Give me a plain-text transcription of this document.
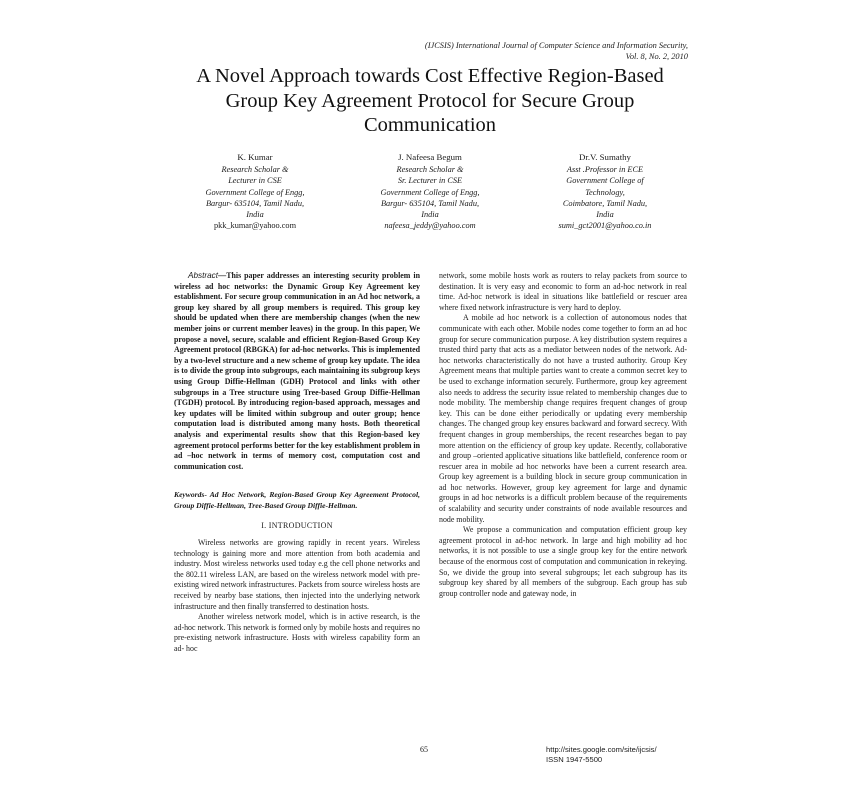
(IJCSIS) International Journal of Computer Science and Information Security,
Vol. 8, No. 2, 2010
A Novel Approach towards Cost Effective Region-Based Group Key Agreement Protocol for Secure Group Communication
K. Kumar
Research Scholar &
Lecturer in CSE
Government College of Engg,
Bargur- 635104, Tamil Nadu,
India
pkk_kumar@yahoo.com
J. Nafeesa Begum
Research Scholar &
Sr. Lecturer in CSE
Government College of Engg,
Bargur- 635104, Tamil Nadu,
India
nafeesa_jeddy@yahoo.com
Dr.V. Sumathy
Asst .Professor in ECE
Government College of
Technology,
Coimbatore, Tamil Nadu,
India
sumi_gct2001@yahoo.co.in

Abstract—This paper addresses an interesting security problem in wireless ad hoc networks: the Dynamic Group Key Agreement key establishment. For secure group communication in an Ad hoc network, a group key shared by all group members is required. This group key should be updated when there are membership changes (when the new member joins or current member leaves) in the group. In this paper, We propose a novel, secure, scalable and efficient Region-Based Group Key Agreement protocol (RBGKA) for ad-hoc networks. This is implemented by a two-level structure and a new scheme of group key update. The idea is to divide the group into subgroups, each maintaining its subgroup keys using Group Diffie-Hellman (GDH) Protocol and links with other subgroups in a Tree structure using Tree-based Group Diffie-Hellman (TGDH) protocol. By introducing region-based approach, messages and key updates will be limited within subgroup and outer group; hence computation load is distributed among many hosts. Both theoretical analysis and experimental results show that this Region-based key agreement protocol performs better for the key establishment problem in ad –hoc network in terms of memory cost, computation cost and communication cost.

Keywords- Ad Hoc Network, Region-Based Group Key Agreement Protocol, Group Diffie-Hellman, Tree-Based Group Diffie-Hellman.

I. INTRODUCTION

Wireless networks are growing rapidly in recent years. Wireless technology is gaining more and more attention from both academia and industry. Most wireless networks used today e.g the cell phone networks and the 802.11 wireless LAN, are based on the wireless network model with pre-existing wired network infrastructures. Packets from source wireless hosts are received by nearby base stations, then injected into the underlying network infrastructure and then finally transferred to destination hosts.

Another wireless network model, which is in active research, is the ad-hoc network. This network is formed only by mobile hosts and requires no pre-existing network infrastructure. Hosts with wireless capability form an ad- hoc

network, some mobile hosts work as routers to relay packets from source to destination. It is very easy and economic to form an ad-hoc network in real time. Ad-hoc network is ideal in situations like battlefield or rescuer area where fixed network infrastructure is very hard to deploy.

A mobile ad hoc network is a collection of autonomous nodes that communicate with each other. Mobile nodes come together to form an ad hoc group for secure communication purpose. A key distribution system requires a trusted third party that acts as a mediator between nodes of the network. Ad-hoc networks characteristically do not have a trusted authority. Group Key Agreement means that multiple parties want to create a common secret key to be used to exchange information securely. Furthermore, group key agreement also needs to address the security issue related to membership changes due to node mobility. The membership change requires frequent changes of group key. This can be done either periodically or updating every membership changes. The changed group key ensures backward and forward secrecy. With frequent changes in group memberships, the recent researches began to pay more attention on the efficiency of group key update. Recently, collaborative and group –oriented applicative situations like battlefield, conference room or rescuer area in mobile ad hoc networks have been a current research area. Group key agreement is a building block in secure group communication in ad hoc networks. However, group key agreement for large and dynamic groups in ad hoc networks is a difficult problem because of the requirements of scalability and security under constraints of node available resources and node mobility.

We propose a communication and computation efficient group key agreement protocol in ad-hoc network. In large and high mobility ad hoc networks, it is not possible to use a single group key for the entire network because of the enormous cost of computation and communication in rekeying. So, we divide the group into several subgroups; let each subgroup has its subgroup key shared by all members of the subgroup. Each group has sub group controller node and gateway node, in

65	http://sites.google.com/site/ijcsis/
ISSN 1947-5500
